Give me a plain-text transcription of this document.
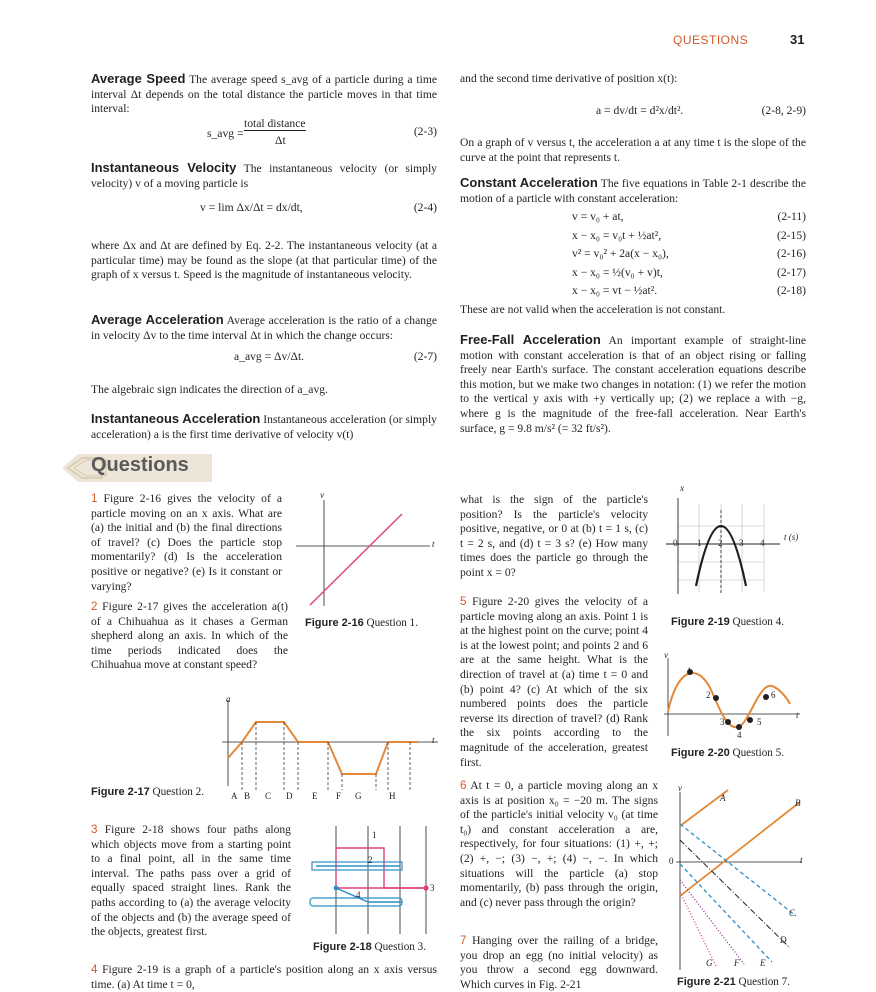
QUESTIONS	31
Average Speed The average speed s_avg of a particle during a time interval Δt depends on the total distance the particle moves in that time interval:
s_avg =
total distance
Δt
(2-3)
Instantaneous Velocity The instantaneous velocity (or simply velocity) v of a moving particle is
v = lim Δx/Δt = dx/dt,	(2-4)
where Δx and Δt are defined by Eq. 2-2. The instantaneous velocity (at a particular time) may be found as the slope (at that particular time) of the graph of x versus t. Speed is the magnitude of instantaneous velocity.
Average Acceleration Average acceleration is the ratio of a change in velocity Δv to the time interval Δt in which the change occurs:
a_avg = Δv/Δt.	(2-7)
The algebraic sign indicates the direction of a_avg.
Instantaneous Acceleration Instantaneous acceleration (or simply acceleration) a is the first time derivative of velocity v(t)
and the second time derivative of position x(t):
a = dv/dt = d²x/dt².	(2-8, 2-9)
On a graph of v versus t, the acceleration a at any time t is the slope of the curve at the point that represents t.
Constant Acceleration The five equations in Table 2-1 describe the motion of a particle with constant acceleration:
v = v₀ + at,	(2-11)
x − x₀ = v₀t + ½at²,	(2-15)
v² = v₀² + 2a(x − x₀),	(2-16)
x − x₀ = ½(v₀ + v)t,	(2-17)
x − x₀ = vt − ½at².	(2-18)
These are not valid when the acceleration is not constant.
Free-Fall Acceleration An important example of straight-line motion with constant acceleration is that of an object rising or falling freely near Earth's surface. The constant acceleration equations describe this motion, but we make two changes in notation: (1) we refer the motion to the vertical y axis with +y vertically up; (2) we replace a with −g, where g is the magnitude of the free-fall acceleration. Near Earth's surface, g = 9.8 m/s² (= 32 ft/s²).
Questions
1 Figure 2-16 gives the velocity of a particle moving on an x axis. What are (a) the initial and (b) the final directions of travel? (c) Does the particle stop momentarily? (d) Is the acceleration positive or negative? (e) Is it constant or varying?
v
t
Figure 2-16 Question 1.
2 Figure 2-17 gives the acceleration a(t) of a Chihuahua as it chases a German shepherd along an axis. In which of the time periods indicated does the Chihuahua move at constant speed?
a
t
A B C D E F G	H
Figure 2-17 Question 2.
3 Figure 2-18 shows four paths along which objects move from a starting point to a final point, all in the same time interval. The paths pass over a grid of equally spaced straight lines. Rank the paths according to (a) the average velocity of the objects and (b) the average speed of the objects, greatest first.
1
2
3
4
Figure 2-18 Question 3.
4 Figure 2-19 is a graph of a particle's position along an x axis versus time. (a) At time t = 0,
what is the sign of the particle's position? Is the particle's velocity positive, negative, or 0 at (b) t = 1 s, (c) t = 2 s, and (d) t = 3 s? (e) How many times does the particle go through the point x = 0?
x
t (s)
0 1 2 3 4
Figure 2-19 Question 4.
5 Figure 2-20 gives the velocity of a particle moving along an axis. Point 1 is at the highest point on the curve; point 4 is at the lowest point; and points 2 and 6 are at the same height. What is the direction of travel at (a) time t = 0 and (b) point 4? (c) At which of the six numbered points does the particle reverse its direction of travel? (d) Rank the six points according to the magnitude of the acceleration, greatest first.
v
t
1
2
3
4
5
6
Figure 2-20 Question 5.
6 At t = 0, a particle moving along an x axis is at position x₀ = −20 m. The signs of the particle's initial velocity v₀ (at time t₀) and constant acceleration a are, respectively, for four situations: (1) +, +; (2) +, −; (3) −, +; (4) −, −. In which situations will the particle (a) stop momentarily, (b) pass through the origin, and (c) never pass through the origin?
7 Hanging over the railing of a bridge, you drop an egg (no initial velocity) as you throw a second egg downward. Which curves in Fig. 2-21
v
t
0
A	B
C
D
E
F
G
Figure 2-21 Question 7.
